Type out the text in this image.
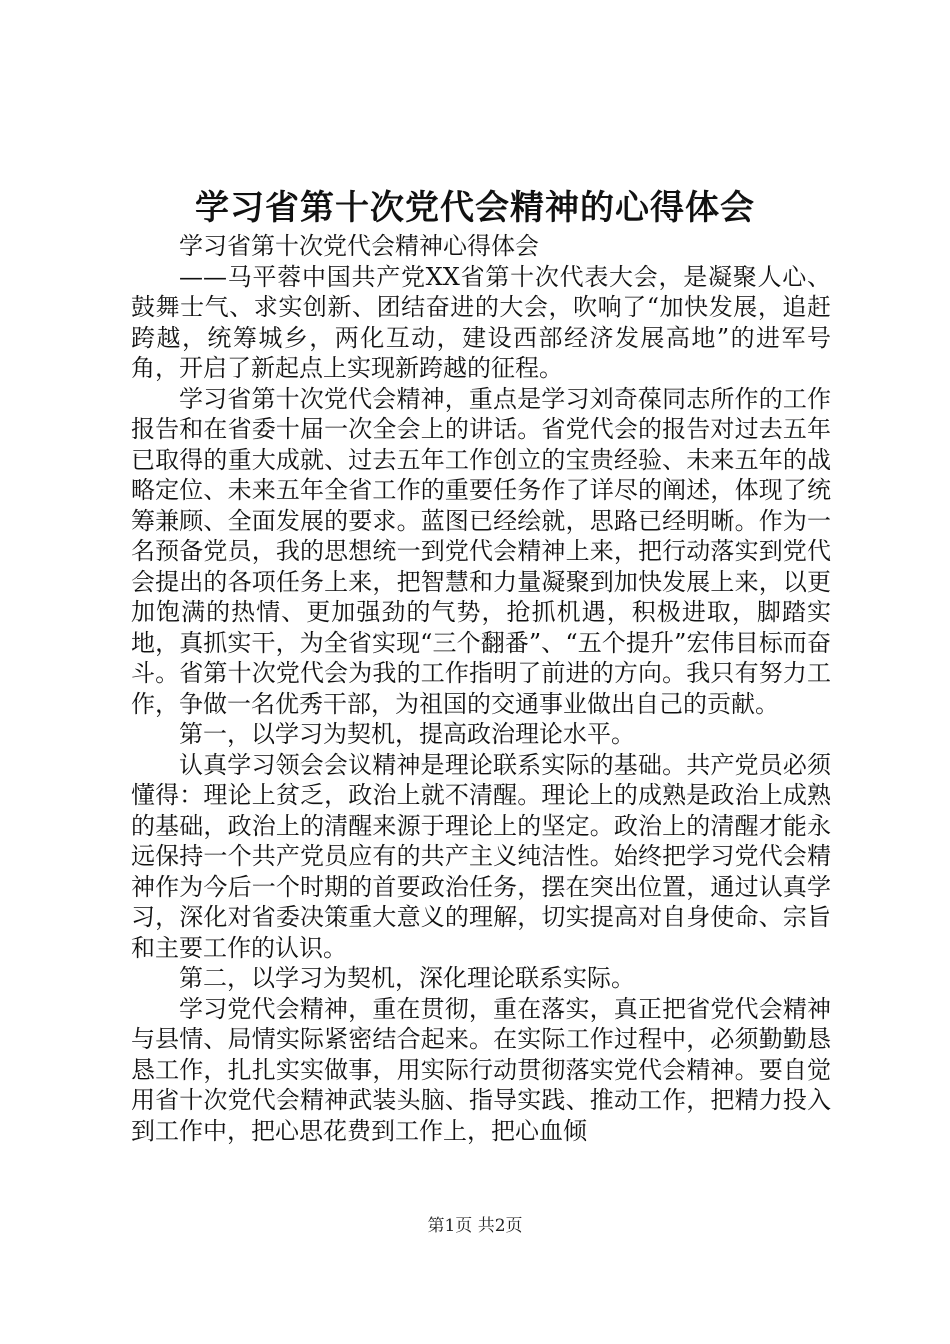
学习省第十次党代会精神的心得体会

学习省第十次党代会精神心得体会

——马平蓉中国共产党XX省第十次代表大会，是凝聚人心、鼓舞士气、求实创新、团结奋进的大会，吹响了“加快发展，追赶跨越，统筹城乡，两化互动，建设西部经济发展高地”的进军号角，开启了新起点上实现新跨越的征程。

学习省第十次党代会精神，重点是学习刘奇葆同志所作的工作报告和在省委十届一次全会上的讲话。省党代会的报告对过去五年已取得的重大成就、过去五年工作创立的宝贵经验、未来五年的战略定位、未来五年全省工作的重要任务作了详尽的阐述，体现了统筹兼顾、全面发展的要求。蓝图已经绘就，思路已经明晰。作为一名预备党员，我的思想统一到党代会精神上来，把行动落实到党代会提出的各项任务上来，把智慧和力量凝聚到加快发展上来，以更加饱满的热情、更加强劲的气势，抢抓机遇，积极进取，脚踏实地，真抓实干，为全省实现“三个翻番”、“五个提升”宏伟目标而奋斗。省第十次党代会为我的工作指明了前进的方向。我只有努力工作，争做一名优秀干部，为祖国的交通事业做出自己的贡献。

第一，以学习为契机，提高政治理论水平。

认真学习领会会议精神是理论联系实际的基础。共产党员必须懂得：理论上贫乏，政治上就不清醒。理论上的成熟是政治上成熟的基础，政治上的清醒来源于理论上的坚定。政治上的清醒才能永远保持一个共产党员应有的共产主义纯洁性。始终把学习党代会精神作为今后一个时期的首要政治任务，摆在突出位置，通过认真学习，深化对省委决策重大意义的理解，切实提高对自身使命、宗旨和主要工作的认识。

第二，以学习为契机，深化理论联系实际。

学习党代会精神，重在贯彻，重在落实，真正把省党代会精神与县情、局情实际紧密结合起来。在实际工作过程中，必须勤勤恳恳工作，扎扎实实做事，用实际行动贯彻落实党代会精神。要自觉用省十次党代会精神武装头脑、指导实践、推动工作，把精力投入到工作中，把心思花费到工作上，把心血倾

第1页 共2页
